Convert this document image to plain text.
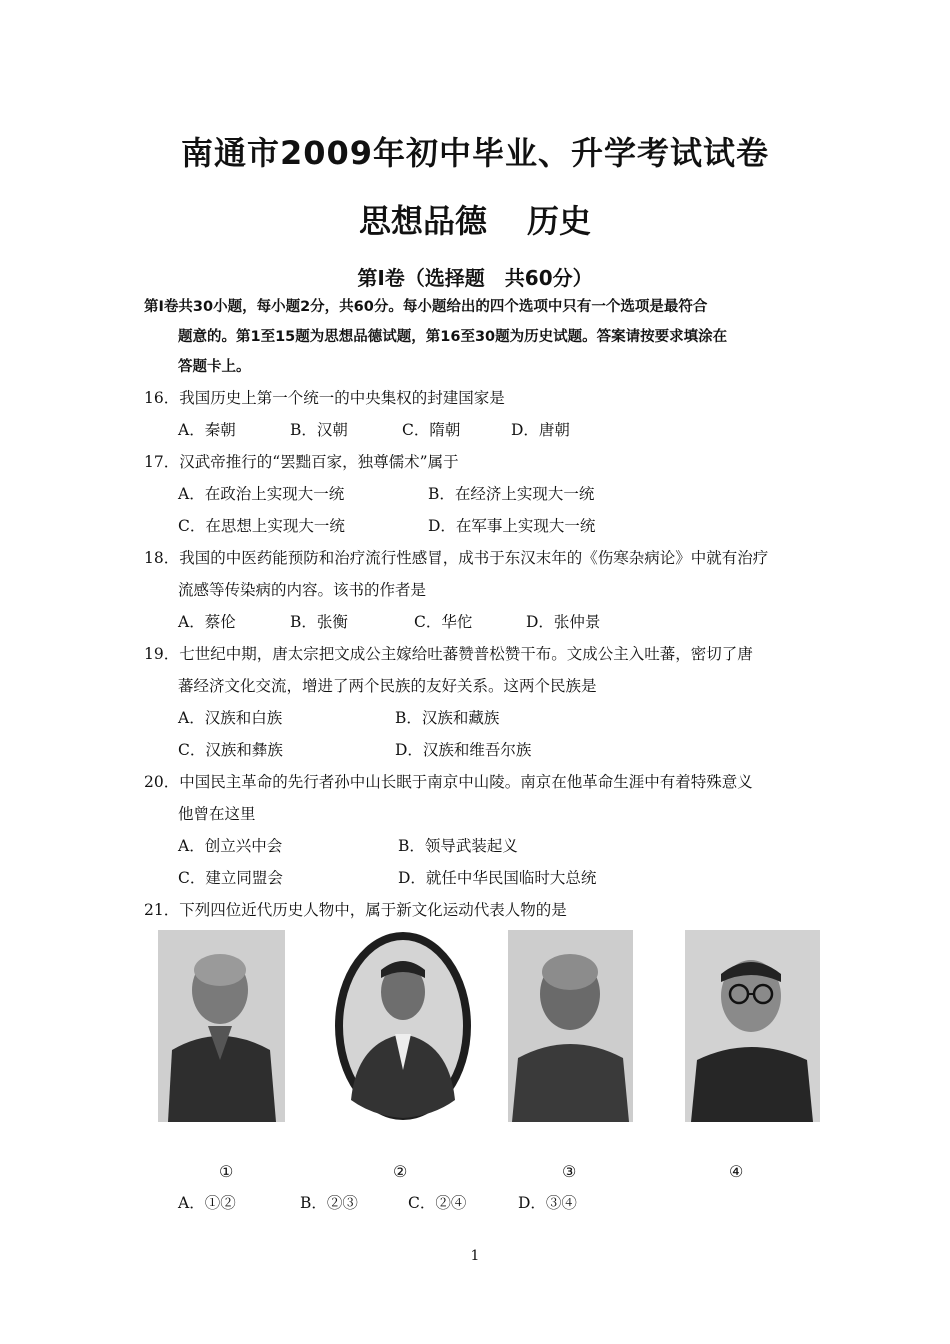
南通市2009年初中毕业、升学考试试卷
思想品德 历史
第Ⅰ卷（选择题　共60分）
第Ⅰ卷共30小题，每小题2分，共60分。每小题给出的四个选项中只有一个选项是最符合
题意的。第1至15题为思想品德试题，第16至30题为历史试题。答案请按要求填涂在
答题卡上。
16．我国历史上第一个统一的中央集权的封建国家是
A．秦朝	B．汉朝	C．隋朝	D．唐朝
17．汉武帝推行的“罢黜百家，独尊儒术”属于
A．在政治上实现大一统	B．在经济上实现大一统
C．在思想上实现大一统	D．在军事上实现大一统
18．我国的中医药能预防和治疗流行性感冒，成书于东汉末年的《伤寒杂病论》中就有治疗
流感等传染病的内容。该书的作者是
A．蔡伦	B．张衡	C．华佗	D．张仲景
19．七世纪中期，唐太宗把文成公主嫁给吐蕃赞普松赞干布。文成公主入吐蕃，密切了唐
蕃经济文化交流，增进了两个民族的友好关系。这两个民族是
A．汉族和白族	B．汉族和藏族
C．汉族和彝族	D．汉族和维吾尔族
20．中国民主革命的先行者孙中山长眠于南京中山陵。南京在他革命生涯中有着特殊意义
他曾在这里
A．创立兴中会	B．领导武装起义
C．建立同盟会	D．就任中华民国临时大总统
21．下列四位近代历史人物中，属于新文化运动代表人物的是
①	②	③	④
A．①②	B．②③	C．②④	D．③④
1
